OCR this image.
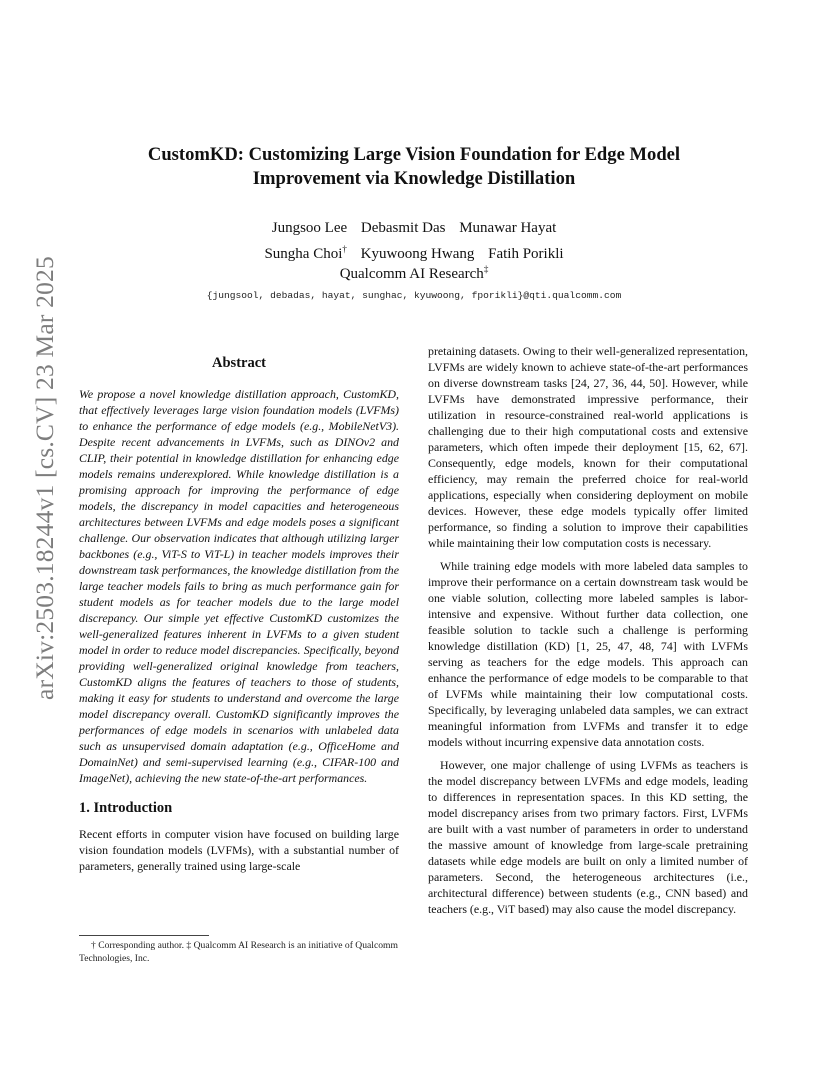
arXiv:2503.18244v1 [cs.CV] 23 Mar 2025
CustomKD: Customizing Large Vision Foundation for Edge Model Improvement via Knowledge Distillation
Jungsoo Lee Debasmit Das Munawar Hayat
Sungha Choi† Kyuwoong Hwang Fatih Porikli
Qualcomm AI Research‡
{jungsool, debadas, hayat, sunghac, kyuwoong, fporikli}@qti.qualcomm.com
Abstract

We propose a novel knowledge distillation approach, CustomKD, that effectively leverages large vision foundation models (LVFMs) to enhance the performance of edge models (e.g., MobileNetV3). Despite recent advancements in LVFMs, such as DINOv2 and CLIP, their potential in knowledge distillation for enhancing edge models remains underexplored. While knowledge distillation is a promising approach for improving the performance of edge models, the discrepancy in model capacities and heterogeneous architectures between LVFMs and edge models poses a significant challenge. Our observation indicates that although utilizing larger backbones (e.g., ViT-S to ViT-L) in teacher models improves their downstream task performances, the knowledge distillation from the large teacher models fails to bring as much performance gain for student models as for teacher models due to the large model discrepancy. Our simple yet effective CustomKD customizes the well-generalized features inherent in LVFMs to a given student model in order to reduce model discrepancies. Specifically, beyond providing well-generalized original knowledge from teachers, CustomKD aligns the features of teachers to those of students, making it easy for students to understand and overcome the large model discrepancy overall. CustomKD significantly improves the performances of edge models in scenarios with unlabeled data such as unsupervised domain adaptation (e.g., OfficeHome and DomainNet) and semi-supervised learning (e.g., CIFAR-100 and ImageNet), achieving the new state-of-the-art performances.

1. Introduction

Recent efforts in computer vision have focused on building large vision foundation models (LVFMs), with a substantial number of parameters, generally trained using large-scale

† Corresponding author. ‡ Qualcomm AI Research is an initiative of Qualcomm Technologies, Inc.

pretaining datasets. Owing to their well-generalized representation, LVFMs are widely known to achieve state-of-the-art performances on diverse downstream tasks [24, 27, 36, 44, 50]. However, while LVFMs have demonstrated impressive performance, their utilization in resource-constrained real-world applications is challenging due to their high computational costs and extensive parameters, which often impede their deployment [15, 62, 67]. Consequently, edge models, known for their computational efficiency, may remain the preferred choice for real-world applications, especially when considering deployment on mobile devices. However, these edge models typically offer limited performance, so finding a solution to improve their capabilities while maintaining their low computation costs is necessary.

While training edge models with more labeled data samples to improve their performance on a certain downstream task would be one viable solution, collecting more labeled samples is labor-intensive and expensive. Without further data collection, one feasible solution to tackle such a challenge is performing knowledge distillation (KD) [1, 25, 47, 48, 74] with LVFMs serving as teachers for the edge models. This approach can enhance the performance of edge models to be comparable to that of LVFMs while maintaining their low computational costs. Specifically, by leveraging unlabeled data samples, we can extract meaningful information from LVFMs and transfer it to edge models without incurring expensive data annotation costs.

However, one major challenge of using LVFMs as teachers is the model discrepancy between LVFMs and edge models, leading to differences in representation spaces. In this KD setting, the model discrepancy arises from two primary factors. First, LVFMs are built with a vast number of parameters in order to understand the massive amount of knowledge from large-scale pretraining datasets while edge models are built on only a limited number of parameters. Second, the heterogeneous architectures (i.e., architectural difference) between students (e.g., CNN based) and teachers (e.g., ViT based) may also cause the model discrepancy.
